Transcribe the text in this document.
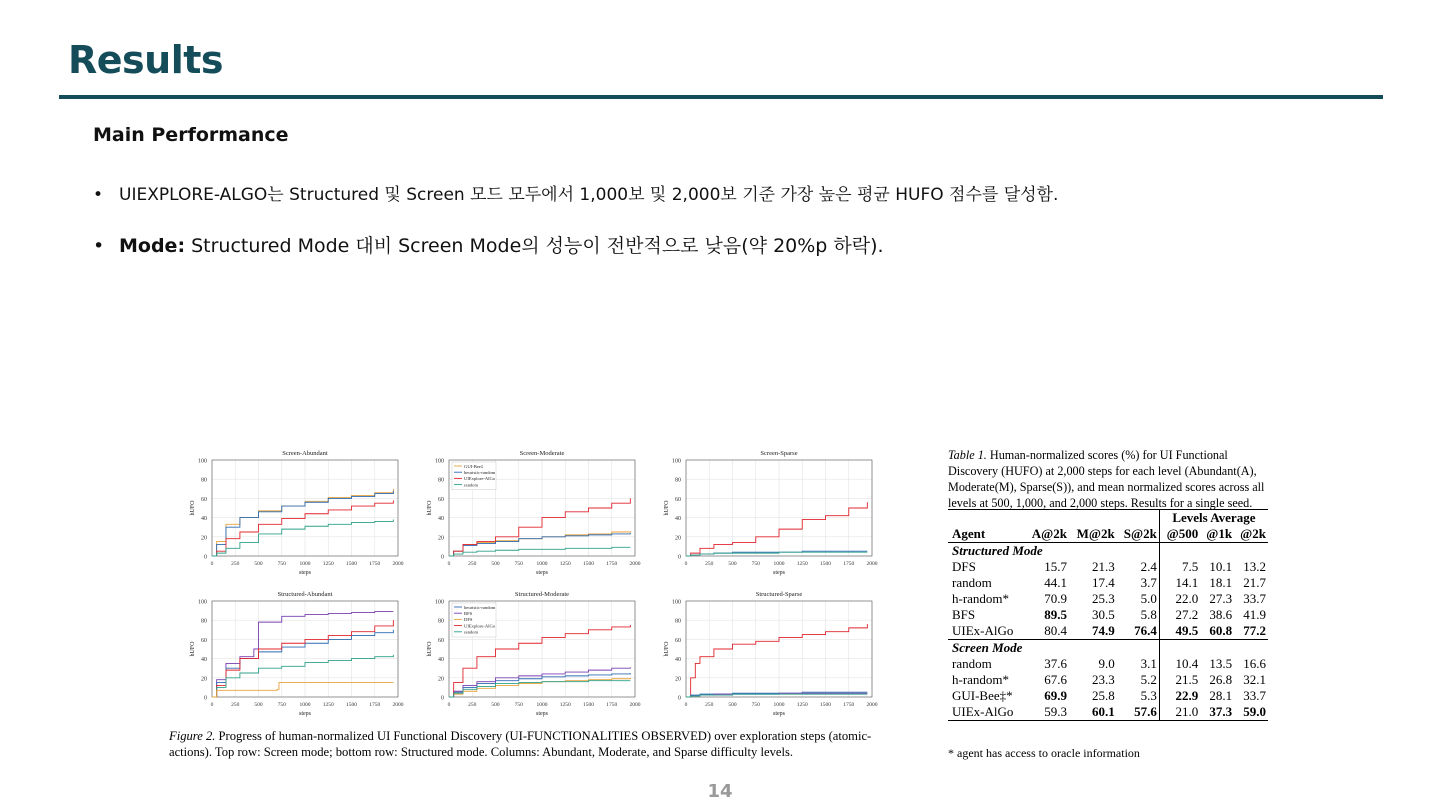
Results
Main Performance
• UIEXPLORE-ALGO는 Structured 및 Screen 모드 모두에서 1,000보 및 2,000보 기준 가장 높은 평균 HUFO 점수를 달성함.
• Mode: Structured Mode 대비 Screen Mode의 성능이 전반적으로 낮음(약 20%p 하락).
0
20
40
60
80
100
0	250	500	750 1000 1250 1500 1750 2000
Screen-Abundant
steps
hUFO
0
20
40
60
80
100
0	250	500	750 1000 1250 1500 1750 2000
Screen-Moderate
steps
hUFO
GUI-Bee‡
heuristic-random
UIExplore-AlGo
random
0
20
40
60
80
100
0	250	500	750 1000 1250 1500 1750 2000
Screen-Sparse
steps
hUFO
0
20
40
60
80
100
0	250	500	750 1000 1250 1500 1750 2000
Structured-Abundant
steps
hUFO
0
20
40
60
80
100
0	250	500	750 1000 1250 1500 1750 2000
Structured-Moderate
steps
hUFO
heuristic-random
BFS
DFS
UIExplore-AlGo
random
0
20
40
60
80
100
0	250	500	750 1000 1250 1500 1750 2000
Structured-Sparse
steps
hUFO
Figure 2. Progress of human-normalized UI Functional Discovery (UI-FUNCTIONALITIES OBSERVED) over exploration steps (atomic-actions). Top row: Screen mode; bottom row: Structured mode. Columns: Abundant, Moderate, and Sparse difficulty levels.
Table 1. Human-normalized scores (%) for UI Functional Discovery (HUFO) at 2,000 steps for each level (Abundant(A), Moderate(M), Sparse(S)), and mean normalized scores across all levels at 500, 1,000, and 2,000 steps. Results for a single seed.
				Levels Average		
Agent	A@2k	M@2k	S@2k	@500	@1k	@2k
Structured Mode						
DFS	15.7	21.3	2.4	7.5	10.1	13.2
random	44.1	17.4	3.7	14.1	18.1	21.7
h-random*	70.9	25.3	5.0	22.0	27.3	33.7
BFS	89.5	30.5	5.8	27.2	38.6	41.9
UIEx-AlGo	80.4	74.9	76.4	49.5	60.8	77.2
Screen Mode						
random	37.6	9.0	3.1	10.4	13.5	16.6
h-random*	67.6	23.3	5.2	21.5	26.8	32.1
GUI-Bee‡*	69.9	25.8	5.3	22.9	28.1	33.7
UIEx-AlGo	59.3	60.1	57.6	21.0	37.3	59.0
* agent has access to oracle information
14
